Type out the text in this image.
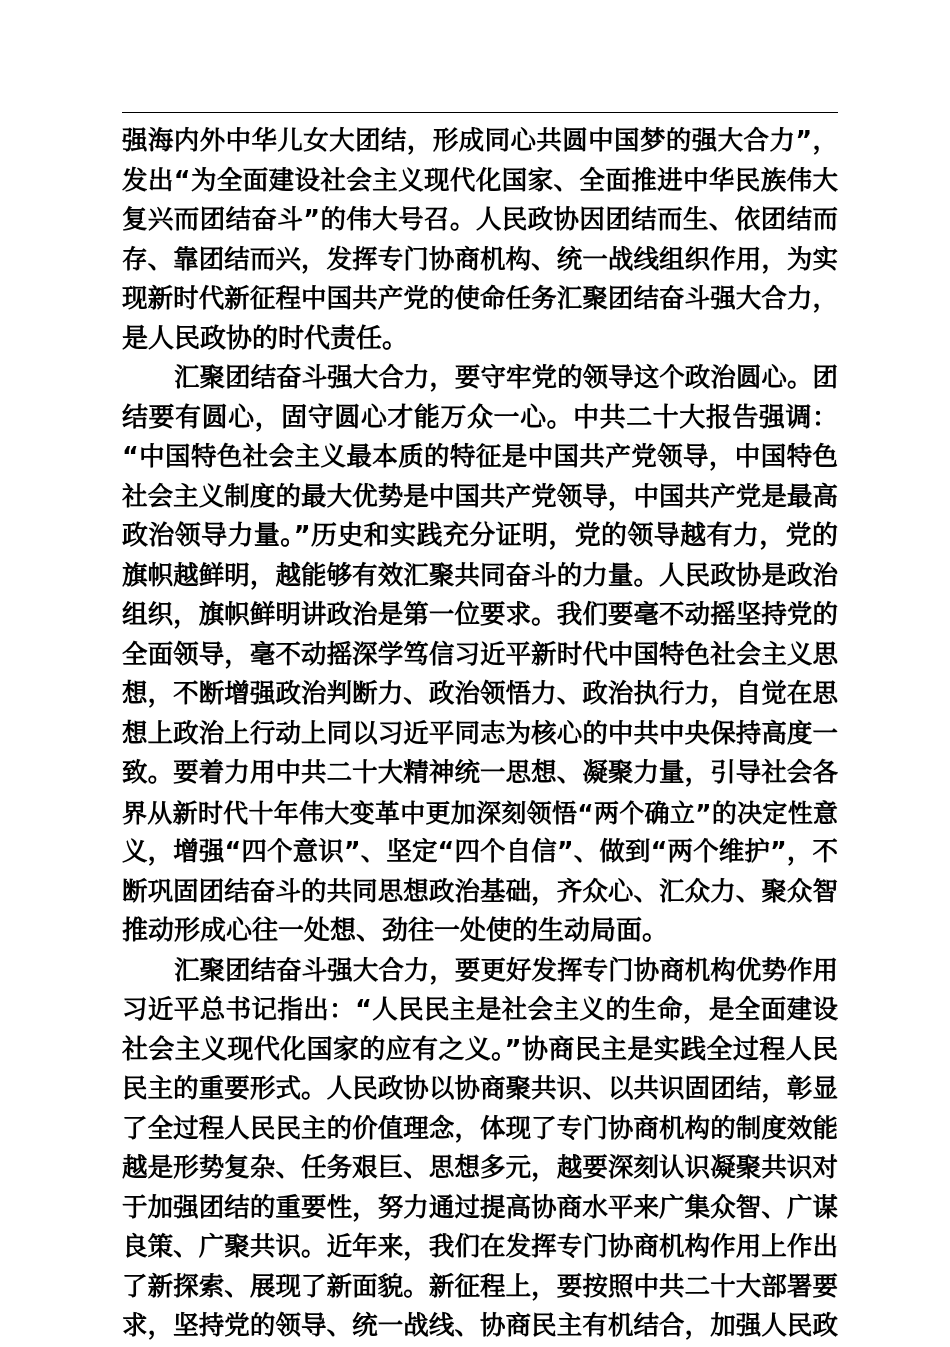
强海内外中华儿女大团结，形成同心共圆中国梦的强大合力”，
发出“为全面建设社会主义现代化国家、全面推进中华民族伟大
复兴而团结奋斗”的伟大号召。人民政协因团结而生、依团结而
存、靠团结而兴，发挥专门协商机构、统一战线组织作用，为实
现新时代新征程中国共产党的使命任务汇聚团结奋斗强大合力，
是人民政协的时代责任。
汇聚团结奋斗强大合力，要守牢党的领导这个政治圆心。团
结要有圆心，固守圆心才能万众一心。中共二十大报告强调：
“中国特色社会主义最本质的特征是中国共产党领导，中国特色
社会主义制度的最大优势是中国共产党领导，中国共产党是最高
政治领导力量。”历史和实践充分证明，党的领导越有力，党的
旗帜越鲜明，越能够有效汇聚共同奋斗的力量。人民政协是政治
组织，旗帜鲜明讲政治是第一位要求。我们要毫不动摇坚持党的
全面领导，毫不动摇深学笃信习近平新时代中国特色社会主义思
想，不断增强政治判断力、政治领悟力、政治执行力，自觉在思
想上政治上行动上同以习近平同志为核心的中共中央保持高度一
致。要着力用中共二十大精神统一思想、凝聚力量，引导社会各
界从新时代十年伟大变革中更加深刻领悟“两个确立”的决定性意
义，增强“四个意识”、坚定“四个自信”、做到“两个维护”，不
断巩固团结奋斗的共同思想政治基础，齐众心、汇众力、聚众智
推动形成心往一处想、劲往一处使的生动局面。
汇聚团结奋斗强大合力，要更好发挥专门协商机构优势作用
习近平总书记指出：“人民民主是社会主义的生命，是全面建设
社会主义现代化国家的应有之义。”协商民主是实践全过程人民
民主的重要形式。人民政协以协商聚共识、以共识固团结，彰显
了全过程人民民主的价值理念，体现了专门协商机构的制度效能
越是形势复杂、任务艰巨、思想多元，越要深刻认识凝聚共识对
于加强团结的重要性，努力通过提高协商水平来广集众智、广谋
良策、广聚共识。近年来，我们在发挥专门协商机构作用上作出
了新探索、展现了新面貌。新征程上，要按照中共二十大部署要
求，坚持党的领导、统一战线、协商民主有机结合，加强人民政
